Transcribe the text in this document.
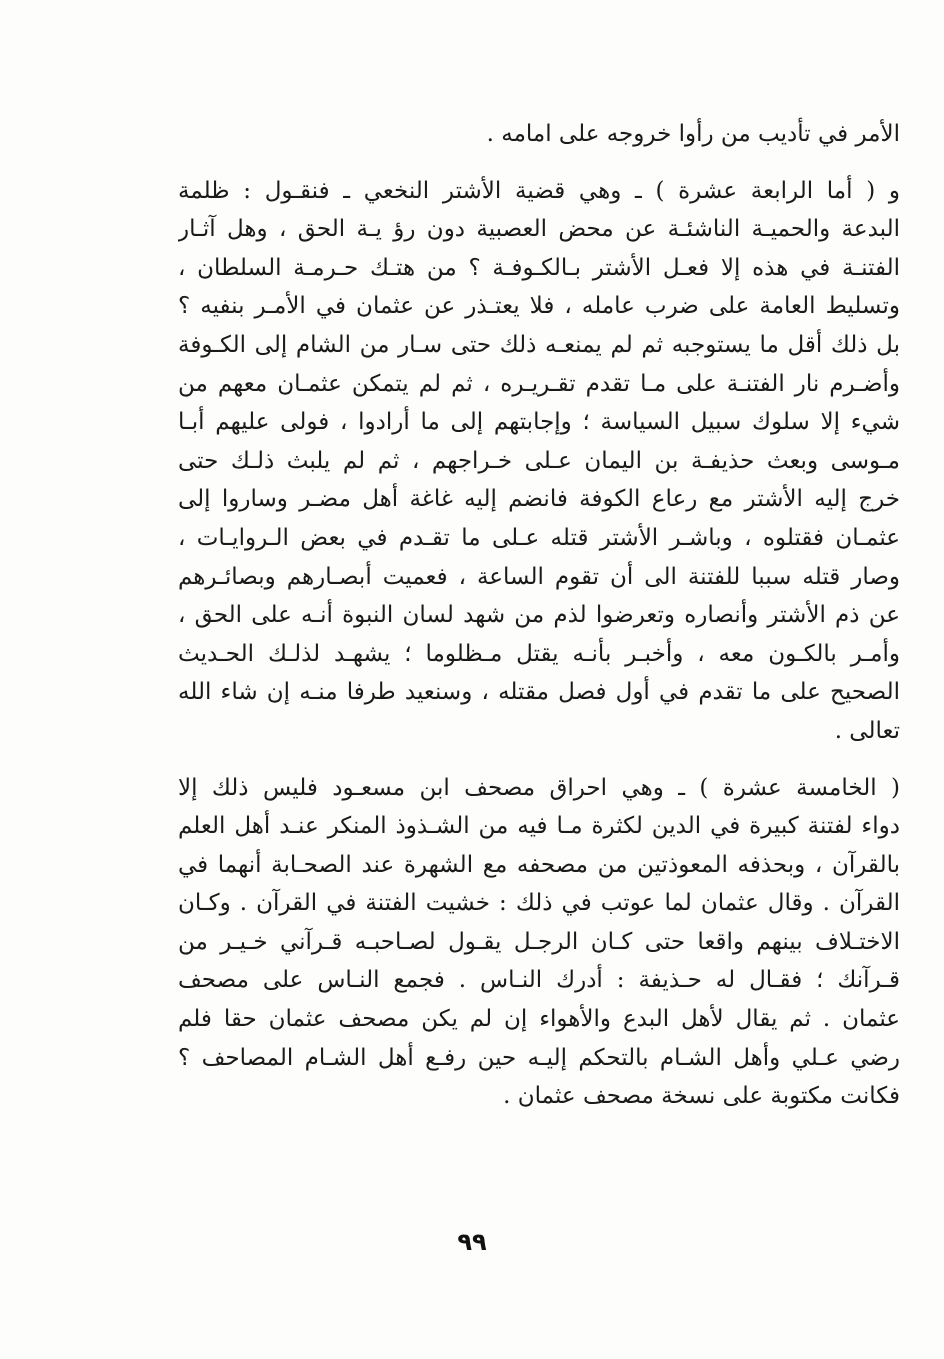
الأمر في تأديب من رأوا خروجه على امامه .
و ( أما الرابعة عشرة ) ـ وهي قضية الأشتر النخعي ـ فنقـول : ظلمة
البدعة والحميـة الناشئـة عن محض العصبية دون رؤ يـة الحق ، وهل آثـار
الفتنـة في هذه إلا فعـل الأشتر بـالكـوفـة ؟ من هتـك حـرمـة السلطان ،
وتسليط العامة على ضرب عامله ، فلا يعتـذر عن عثمان في الأمـر بنفيه ؟
بل ذلك أقل ما يستوجبه ثم لم يمنعـه ذلك حتى سـار من الشام إلى الكـوفة
وأضـرم نار الفتنـة على مـا تقدم تقـريـره ، ثم لم يتمكن عثمـان معهم من
شيء إلا سلوك سبيل السياسة ؛ وإجابتهم إلى ما أرادوا ، فولى عليهم أبـا
مـوسى وبعث حذيفـة بن اليمان عـلى خـراجهم ، ثم لم يلبث ذلـك حتى
خرج إليه الأشتر مع رعاع الكوفة فانضم إليه غاغة أهل مضـر وساروا إلى
عثمـان فقتلوه ، وباشـر الأشتر قتله عـلى ما تقـدم في بعض الـروايـات ،
وصار قتله سببا للفتنة الى أن تقوم الساعة ، فعميت أبصـارهم وبصائـرهم
عن ذم الأشتر وأنصاره وتعرضوا لذم من شهد لسان النبوة أنـه على الحق ،
وأمـر بالكـون معه ، وأخبـر بأنـه يقتل مـظلوما ؛ يشهـد لذلـك الحـديث
الصحيح على ما تقدم في أول فصل مقتله ، وسنعيد طرفا منـه إن شاء الله
تعالى .
( الخامسة عشرة ) ـ وهي احراق مصحف ابن مسعـود فليس ذلك إلا
دواء لفتنة كبيرة في الدين لكثرة مـا فيه من الشـذوذ المنكر عنـد أهل العلم
بالقرآن ، وبحذفه المعوذتين من مصحفه مع الشهرة عند الصحـابة أنهما في
القرآن . وقال عثمان لما عوتب في ذلك : خشيت الفتنة في القرآن . وكـان
الاختـلاف بينهم واقعا حتى كـان الرجـل يقـول لصـاحبـه قـرآني خـيـر من
قـرآنك ؛ فقـال له حـذيفة : أدرك النـاس . فجمع النـاس على مصحف
عثمان . ثم يقال لأهل البدع والأهواء إن لم يكن مصحف عثمان حقا فلم
رضي عـلي وأهل الشـام بالتحكم إليـه حين رفـع أهل الشـام المصاحف ؟
فكانت مكتوبة على نسخة مصحف عثمان .
٩٩
